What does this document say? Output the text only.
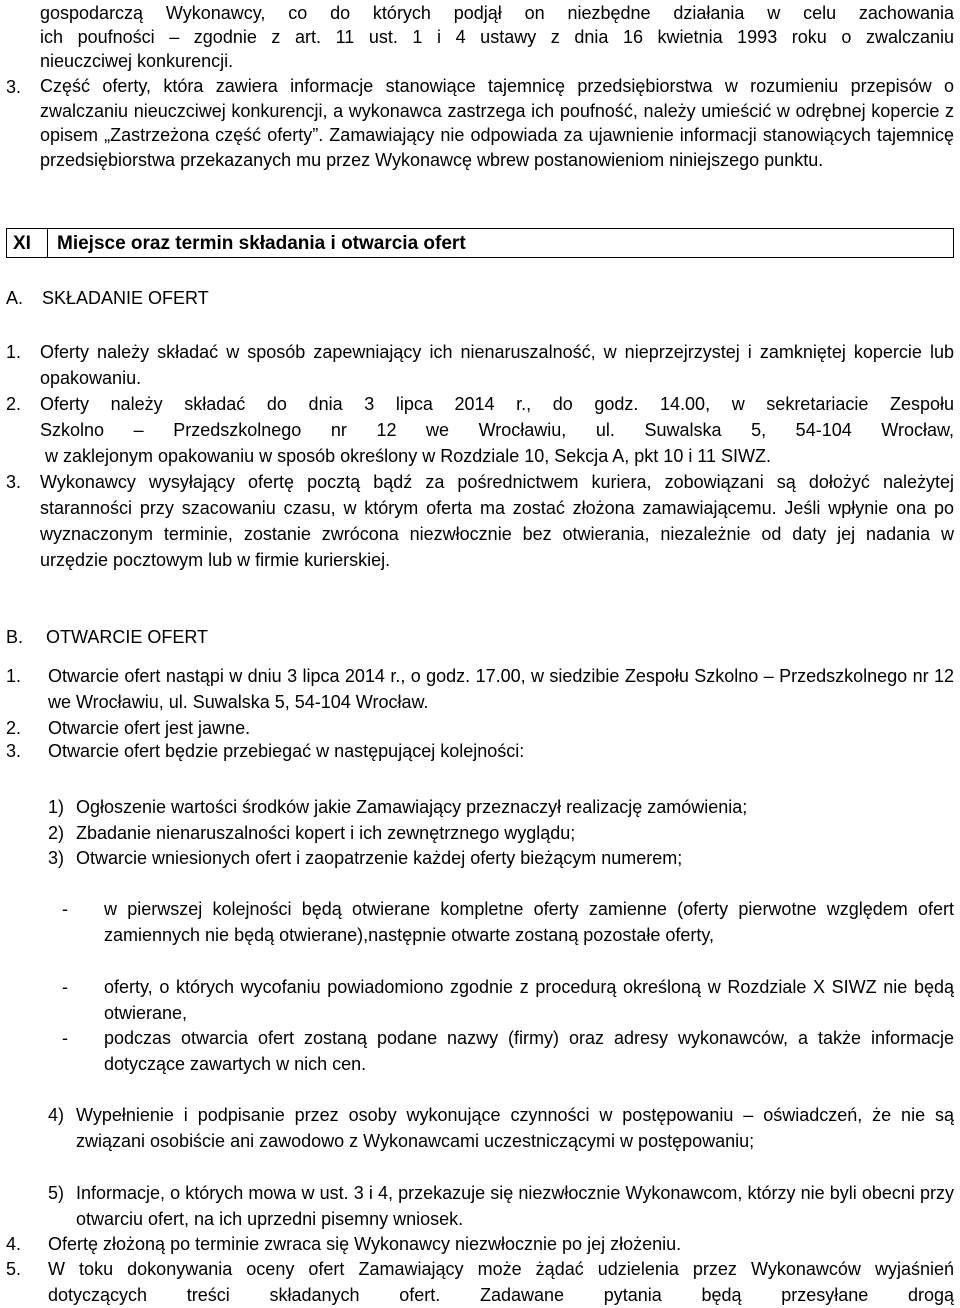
gospodarczą Wykonawcy, co do których podjął on niezbędne działania w celu zachowania

ich poufności – zgodnie z art. 11 ust. 1 i 4 ustawy z dnia 16 kwietnia 1993 roku o zwalczaniu

nieuczciwej konkurencji.

3. Część oferty, która zawiera informacje stanowiące tajemnicę przedsiębiorstwa w rozumieniu przepisów o zwalczaniu nieuczciwej konkurencji, a wykonawca zastrzega ich poufność, należy umieścić w odrębnej kopercie z opisem „Zastrzeżona część oferty”. Zamawiający nie odpowiada za ujawnienie informacji stanowiących tajemnicę przedsiębiorstwa przekazanych mu przez Wykonawcę wbrew postanowieniom niniejszego punktu.

XI Miejsce oraz termin składania i otwarcia ofert
A. SKŁADANIE OFERT
1. Oferty należy składać w sposób zapewniający ich nienaruszalność, w nieprzejrzystej i zamkniętej kopercie lub opakowaniu.

2. Oferty należy składać do dnia 3 lipca 2014 r., do godz. 14.00, w sekretariacie Zespołu

Szkolno – Przedszkolnego nr 12 we Wrocławiu, ul. Suwalska 5, 54-104 Wrocław,

w zaklejonym opakowaniu w sposób określony w Rozdziale 10, Sekcja A, pkt 10 i 11 SIWZ.

3. Wykonawcy wysyłający ofertę pocztą bądź za pośrednictwem kuriera, zobowiązani są dołożyć należytej staranności przy szacowaniu czasu, w którym oferta ma zostać złożona zamawiającemu. Jeśli wpłynie ona po wyznaczonym terminie, zostanie zwrócona niezwłocznie bez otwierania, niezależnie od daty jej nadania w urzędzie pocztowym lub w firmie kurierskiej.

B. OTWARCIE OFERT
1. Otwarcie ofert nastąpi w dniu 3 lipca 2014 r., o godz. 17.00, w siedzibie Zespołu Szkolno – Przedszkolnego nr 12 we Wrocławiu, ul. Suwalska 5, 54-104 Wrocław.

2. Otwarcie ofert jest jawne.

3. Otwarcie ofert będzie przebiegać w następującej kolejności:

1) Ogłoszenie wartości środków jakie Zamawiający przeznaczył realizację zamówienia;

2) Zbadanie nienaruszalności kopert i ich zewnętrznego wyglądu;

3) Otwarcie wniesionych ofert i zaopatrzenie każdej oferty bieżącym numerem;

- w pierwszej kolejności będą otwierane kompletne oferty zamienne (oferty pierwotne względem ofert zamiennych nie będą otwierane),następnie otwarte zostaną pozostałe oferty,

- oferty, o których wycofaniu powiadomiono zgodnie z procedurą określoną w Rozdziale X SIWZ nie będą otwierane,

- podczas otwarcia ofert zostaną podane nazwy (firmy) oraz adresy wykonawców, a także informacje dotyczące zawartych w nich cen.

4) Wypełnienie i podpisanie przez osoby wykonujące czynności w postępowaniu – oświadczeń, że nie są związani osobiście ani zawodowo z Wykonawcami uczestniczącymi w postępowaniu;

5) Informacje, o których mowa w ust. 3 i 4, przekazuje się niezwłocznie Wykonawcom, którzy nie byli obecni przy otwarciu ofert, na ich uprzedni pisemny wniosek.

4. Ofertę złożoną po terminie zwraca się Wykonawcy niezwłocznie po jej złożeniu.

5. W toku dokonywania oceny ofert Zamawiający może żądać udzielenia przez Wykonawców wyjaśnień dotyczących treści składanych ofert. Zadawane pytania będą przesyłane drogą
